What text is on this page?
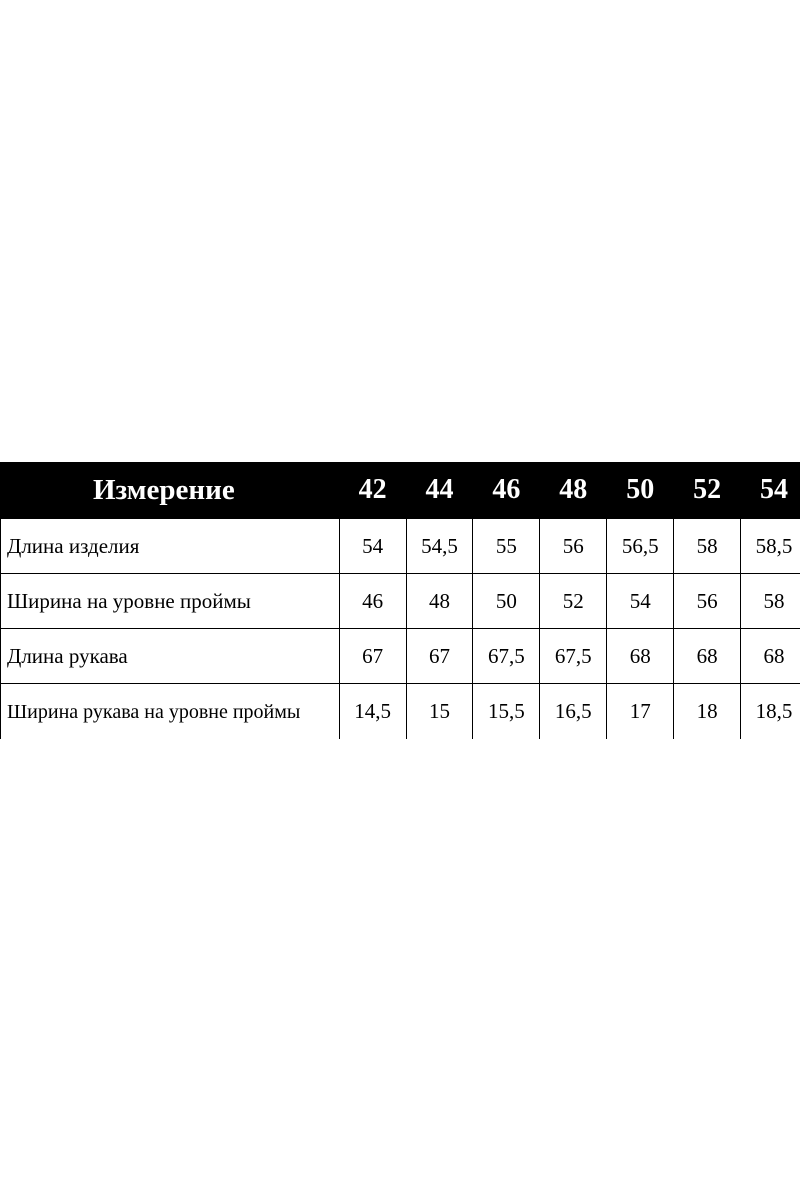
Измерение	42	44	46	48	50	52	54
Длина изделия	54	54,5	55	56	56,5	58	58,5
Ширина на уровне проймы	46	48	50	52	54	56	58
Длина рукава	67	67	67,5	67,5	68	68	68
Ширина рукава на уровне проймы	14,5	15	15,5	16,5	17	18	18,5
